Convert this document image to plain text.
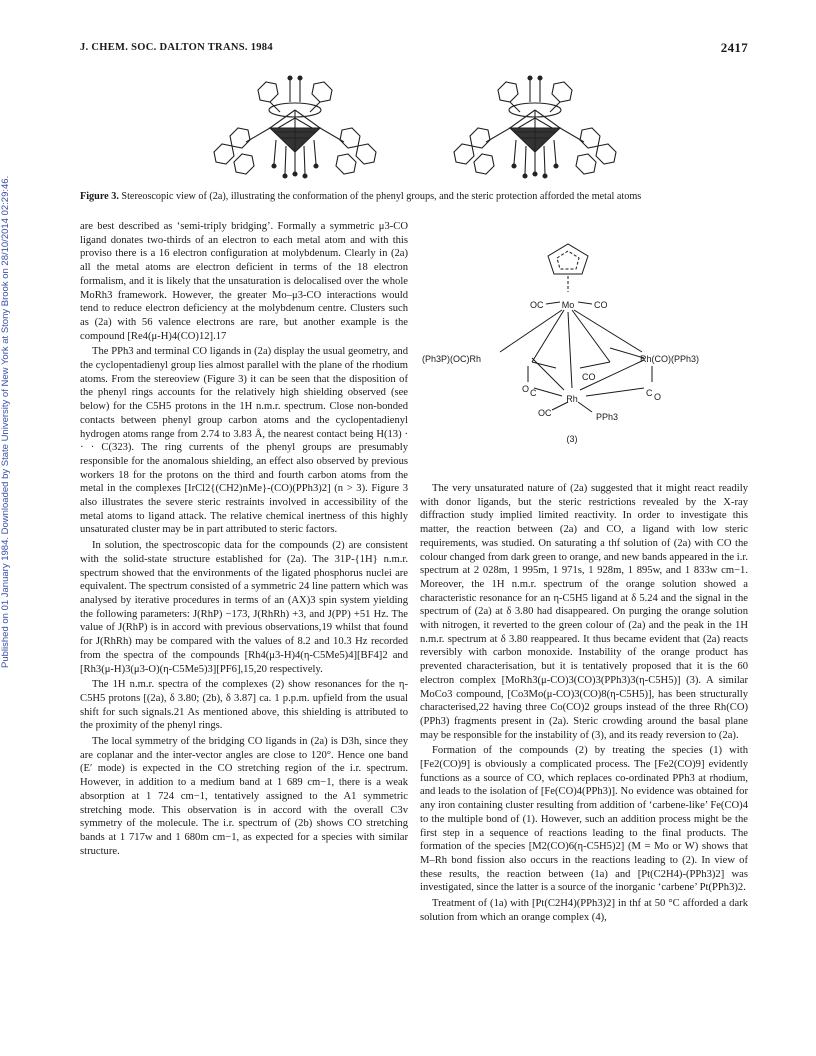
Published on 01 January 1984. Downloaded by State University of New York at Stony Brook on 28/10/2014 02:29:46.
J. CHEM. SOC. DALTON TRANS. 1984	2417
Figure 3. Stereoscopic view of (2a), illustrating the conformation of the phenyl groups, and the steric protection afforded the metal atoms

are best described as ‘semi-triply bridging’. Formally a symmetric μ3-CO ligand donates two-thirds of an electron to each metal atom and with this proviso there is a 16 electron configuration at molybdenum. Clearly in (2a) all the metal atoms are electron deficient in terms of the 18 electron formalism, and it is likely that the unsaturation is delocalised over the whole MoRh3 framework. However, the greater Mo–μ3-CO interactions would tend to reduce electron deficiency at the molybdenum centre. Clusters such as (2a) with 56 valence electrons are rare, but another example is the compound [Re4(μ-H)4(CO)12].17

The PPh3 and terminal CO ligands in (2a) display the usual geometry, and the cyclopentadienyl group lies almost parallel with the plane of the rhodium atoms. From the stereoview (Figure 3) it can be seen that the disposition of the phenyl rings accounts for the relatively high shielding observed (see below) for the C5H5 protons in the 1H n.m.r. spectrum. Close non-bonded contacts between phenyl group carbon atoms and the cyclopentadienyl hydrogen atoms range from 2.74 to 3.83 Å, the nearest contact being H(13) · · · C(323). The ring currents of the phenyl groups are presumably responsible for the anomalous shielding, an effect also observed by previous workers 18 for the protons on the third and fourth carbon atoms from the metal in the complexes [IrCl2{(CH2)nMe}-(CO)(PPh3)2] (n > 3). Figure 3 also illustrates the severe steric restraints involved in accessibility of the metal atoms to ligand attack. The relative chemical inertness of this highly unsaturated cluster may be in part attributed to steric factors.

In solution, the spectroscopic data for the compounds (2) are consistent with the solid-state structure established for (2a). The 31P-{1H} n.m.r. spectrum showed that the environments of the ligated phosphorus nuclei are equivalent. The spectrum consisted of a symmetric 24 line pattern which was analysed by iterative procedures in terms of an (AX)3 spin system yielding the following parameters: J(RhP) −173, J(RhRh) +3, and J(PP) +51 Hz. The value of J(RhP) is in accord with previous observations,19 whilst that found for J(RhRh) may be compared with the values of 8.2 and 10.3 Hz recorded from the spectra of the compounds [Rh4(μ3-H)4(η-C5Me5)4][BF4]2 and [Rh3(μ-H)3(μ3-O)(η-C5Me5)3][PF6],15,20 respectively.

The 1H n.m.r. spectra of the complexes (2) show resonances for the η-C5H5 protons [(2a), δ 3.80; (2b), δ 3.87] ca. 1 p.p.m. upfield from the usual shift for such signals.21 As mentioned above, this shielding is attributed to the proximity of the phenyl rings.

The local symmetry of the bridging CO ligands in (2a) is D3h, since they are coplanar and the inter-vector angles are close to 120°. Hence one band (E′ mode) is expected in the CO stretching region of the i.r. spectrum. However, in addition to a medium band at 1 689 cm−1, there is a weak absorption at 1 724 cm−1, tentatively assigned to the A1 symmetric stretching mode. This observation is in accord with the overall C3v symmetry of the molecule. The i.r. spectrum of (2b) shows CO stretching bands at 1 717w and 1 680m cm−1, as expected for a species with similar structure.

Mo
OC	CO
(Ph3P)(OC)Rh	Rh(CO)(PPh3)
CO
Rh
C	C
O
O
OC	PPh3
(3)

The very unsaturated nature of (2a) suggested that it might react readily with donor ligands, but the steric restrictions revealed by the X-ray diffraction study implied limited reactivity. In order to investigate this matter, the reaction between (2a) and CO, a ligand with low steric requirements, was studied. On saturating a thf solution of (2a) with CO the colour changed from dark green to orange, and new bands appeared in the i.r. spectrum at 2 028m, 1 995m, 1 971s, 1 928m, 1 895w, and 1 833w cm−1. Moreover, the 1H n.m.r. spectrum of the orange solution showed a characteristic resonance for an η-C5H5 ligand at δ 5.24 and the signal in the spectrum of (2a) at δ 3.80 had disappeared. On purging the orange solution with nitrogen, it reverted to the green colour of (2a) and the peak in the 1H n.m.r. spectrum at δ 3.80 reappeared. It thus became evident that (2a) reacts reversibly with carbon monoxide. Instability of the orange product has prevented characterisation, but it is tentatively proposed that it is the 60 electron complex [MoRh3(μ-CO)3(CO)3(PPh3)3(η-C5H5)] (3). A similar MoCo3 compound, [Co3Mo(μ-CO)3(CO)8(η-C5H5)], has been structurally characterised,22 having three Co(CO)2 groups instead of the three Rh(CO)(PPh3) fragments present in (2a). Steric crowding around the basal plane may be responsible for the instability of (3), and its ready reversion to (2a).

Formation of the compounds (2) by treating the species (1) with [Fe2(CO)9] is obviously a complicated process. The [Fe2(CO)9] evidently functions as a source of CO, which replaces co-ordinated PPh3 at rhodium, and leads to the isolation of [Fe(CO)4(PPh3)]. No evidence was obtained for any iron containing cluster resulting from addition of ‘carbene-like’ Fe(CO)4 to the multiple bond of (1). However, such an addition process might be the first step in a sequence of reactions leading to the final products. The formation of the species [M2(CO)6(η-C5H5)2] (M = Mo or W) shows that M–Rh bond fission also occurs in the reactions leading to (2). In view of these results, the reaction between (1a) and [Pt(C2H4)-(PPh3)2] was investigated, since the latter is a source of the inorganic ‘carbene’ Pt(PPh3)2.

Treatment of (1a) with [Pt(C2H4)(PPh3)2] in thf at 50 °C afforded a dark solution from which an orange complex (4),
